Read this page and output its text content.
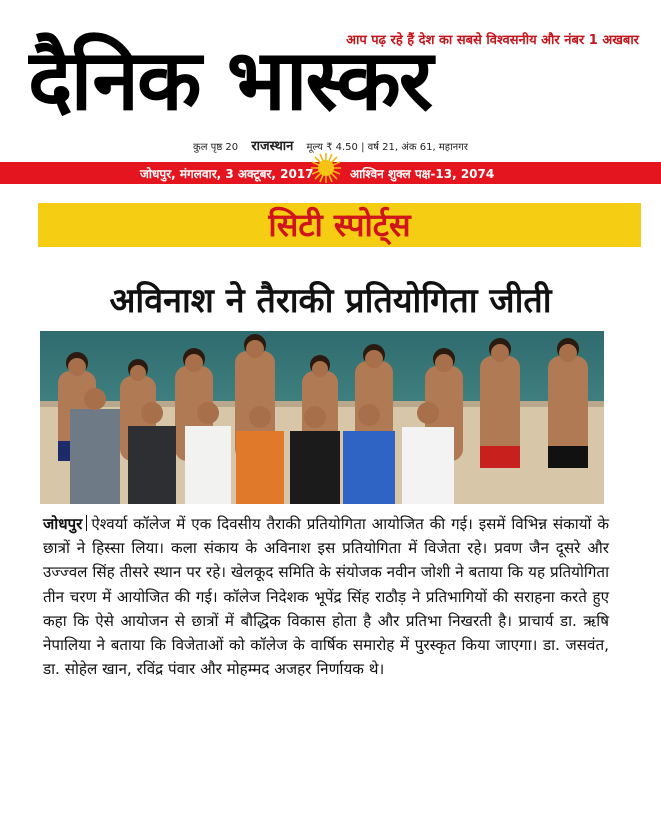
आप पढ़ रहे हैं देश का सबसे विश्वसनीय और नंबर 1 अखबार
दैनिक भास्कर
कुल पृष्ठ 20 राजस्थान मूल्य ₹ 4.50 | वर्ष 21, अंक 61, महानगर
जोधपुर, मंगलवार, 3 अक्टूबर, 2017	आश्विन शुक्ल पक्ष-13, 2074
सिटी स्पोर्ट्स
अविनाश ने तैराकी प्रतियोगिता जीती
जोधपुर ऐश्वर्या कॉलेज में एक दिवसीय तैराकी प्रतियोगिता आयोजित की गई। इसमें विभिन्न संकायों के छात्रों ने हिस्सा लिया। कला संकाय के अविनाश इस प्रतियोगिता में विजेता रहे। प्रवण जैन दूसरे और उज्ज्वल सिंह तीसरे स्थान पर रहे। खेलकूद समिति के संयोजक नवीन जोशी ने बताया कि यह प्रतियोगिता तीन चरण में आयोजित की गई। कॉलेज निदेशक भूपेंद्र सिंह राठौड़ ने प्रतिभागियों की सराहना करते हुए कहा कि ऐसे आयोजन से छात्रों में बौद्धिक विकास होता है और प्रतिभा निखरती है। प्राचार्य डा. ऋषि नेपालिया ने बताया कि विजेताओं को कॉलेज के वार्षिक समारोह में पुरस्कृत किया जाएगा। डा. जसवंत, डा. सोहेल खान, रविंद्र पंवार और मोहम्मद अजहर निर्णायक थे।
